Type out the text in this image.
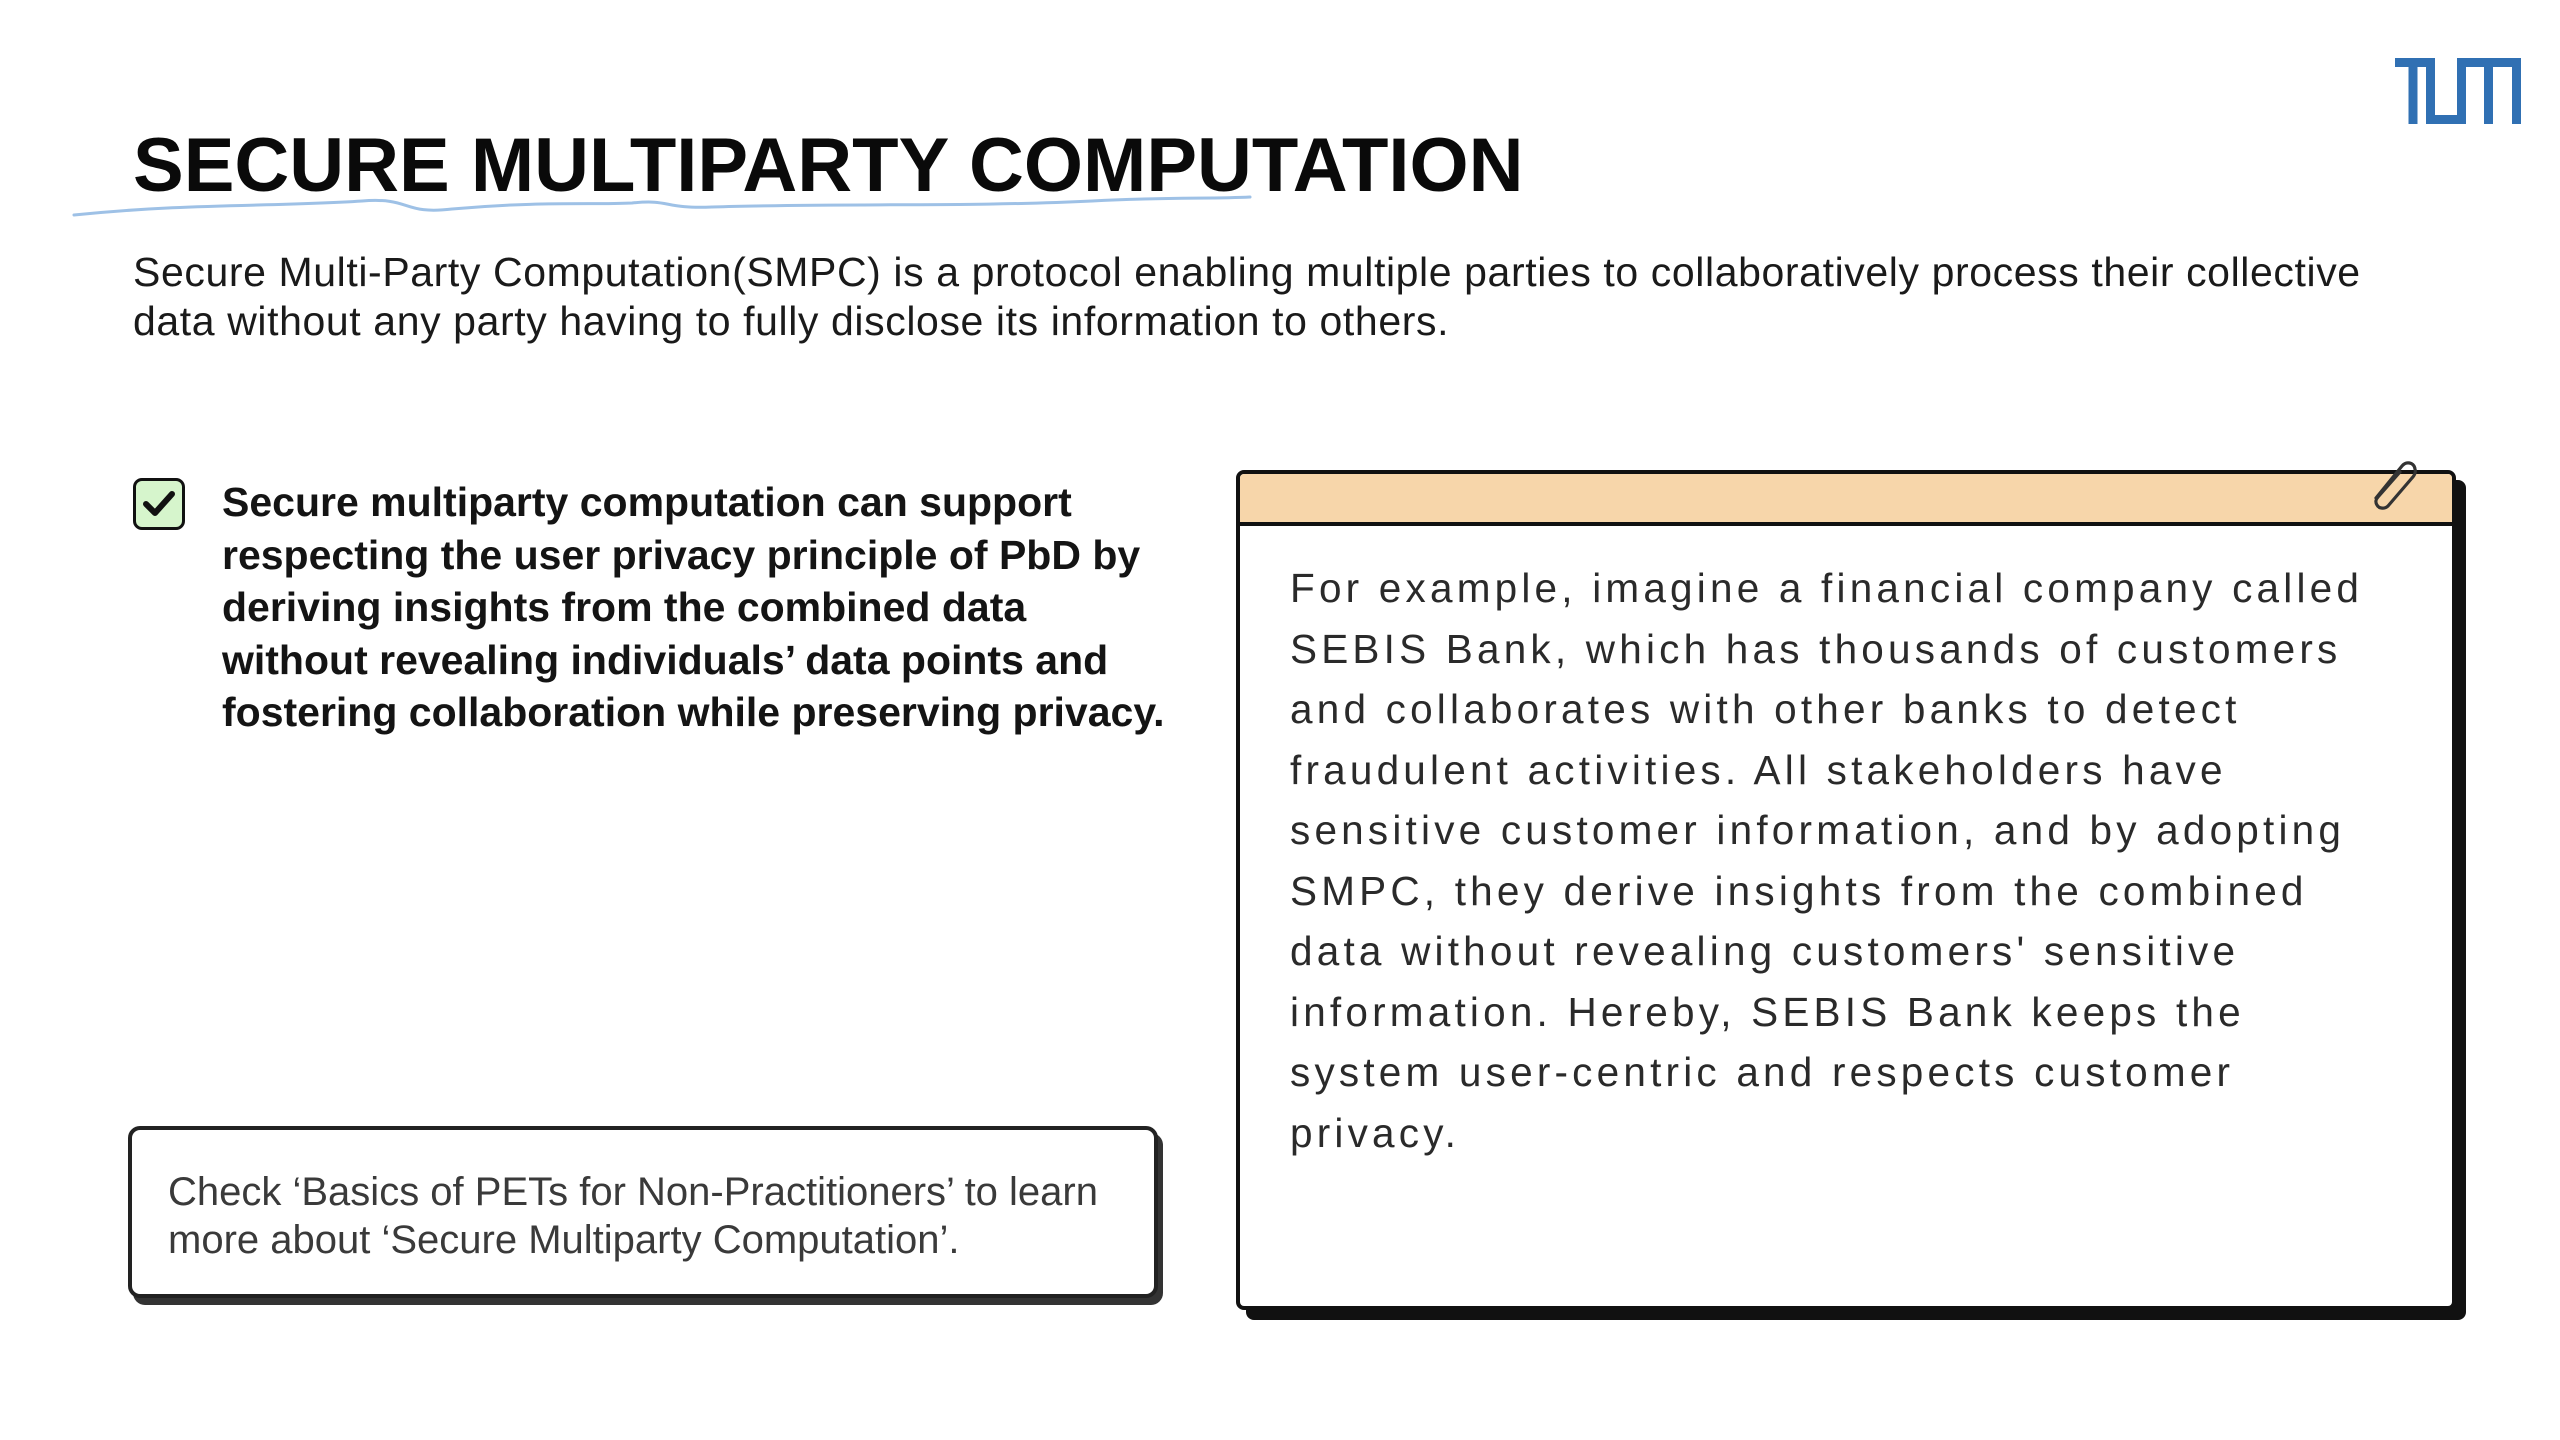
SECURE MULTIPARTY COMPUTATION

Secure Multi-Party Computation(SMPC) is a protocol enabling multiple parties to collaboratively process their collective data without any party having to fully disclose its information to others.

Secure multiparty computation can support respecting the user privacy principle of PbD by deriving insights from the combined data without revealing individuals’ data points and fostering collaboration while preserving privacy.

Check ‘Basics of PETs for Non-Practitioners’ to learn more about ‘Secure Multiparty Computation’.

For example, imagine a financial company called SEBIS Bank, which has thousands of customers and collaborates with other banks to detect fraudulent activities. All stakeholders have sensitive customer information, and by adopting SMPC, they derive insights from the combined data without revealing customers' sensitive information. Hereby, SEBIS Bank keeps the system user-centric and respects customer privacy.
